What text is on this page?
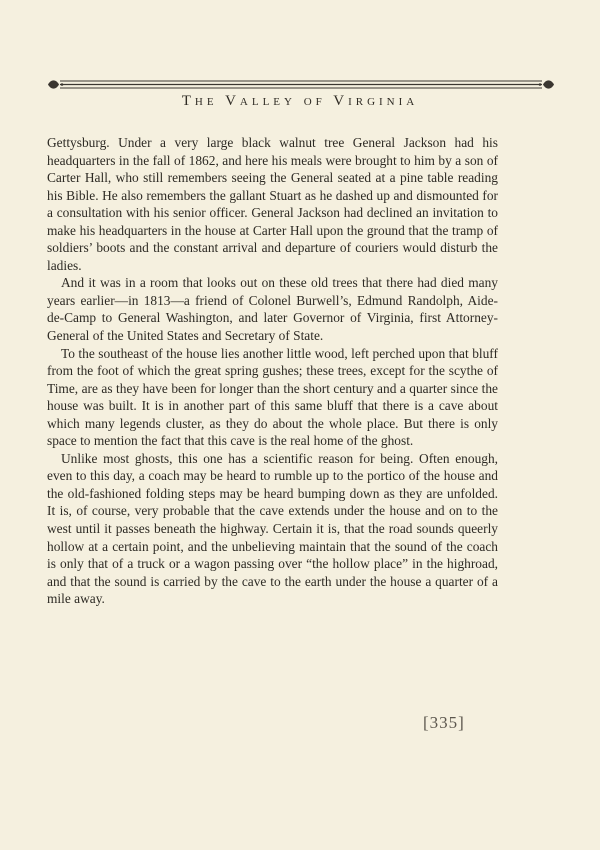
The Valley of Virginia

Gettysburg. Under a very large black walnut tree General Jackson had his headquarters in the fall of 1862, and here his meals were brought to him by a son of Carter Hall, who still remembers seeing the General seated at a pine table reading his Bible. He also remembers the gallant Stuart as he dashed up and dismounted for a consultation with his senior officer. General Jackson had declined an invitation to make his headquarters in the house at Carter Hall upon the ground that the tramp of soldiers’ boots and the constant arrival and departure of couriers would disturb the ladies.

And it was in a room that looks out on these old trees that there had died many years earlier—in 1813—a friend of Colonel Burwell’s, Edmund Randolph, Aide-de-Camp to General Washington, and later Governor of Virginia, first Attorney-General of the United States and Secretary of State.

To the southeast of the house lies another little wood, left perched upon that bluff from the foot of which the great spring gushes; these trees, except for the scythe of Time, are as they have been for longer than the short century and a quarter since the house was built. It is in another part of this same bluff that there is a cave about which many legends cluster, as they do about the whole place. But there is only space to mention the fact that this cave is the real home of the ghost.

Unlike most ghosts, this one has a scientific reason for being. Often enough, even to this day, a coach may be heard to rumble up to the portico of the house and the old-fashioned folding steps may be heard bumping down as they are unfolded. It is, of course, very probable that the cave extends under the house and on to the west until it passes beneath the highway. Certain it is, that the road sounds queerly hollow at a certain point, and the unbelieving maintain that the sound of the coach is only that of a truck or a wagon passing over “the hollow place” in the highroad, and that the sound is carried by the cave to the earth under the house a quarter of a mile away.

[335]
